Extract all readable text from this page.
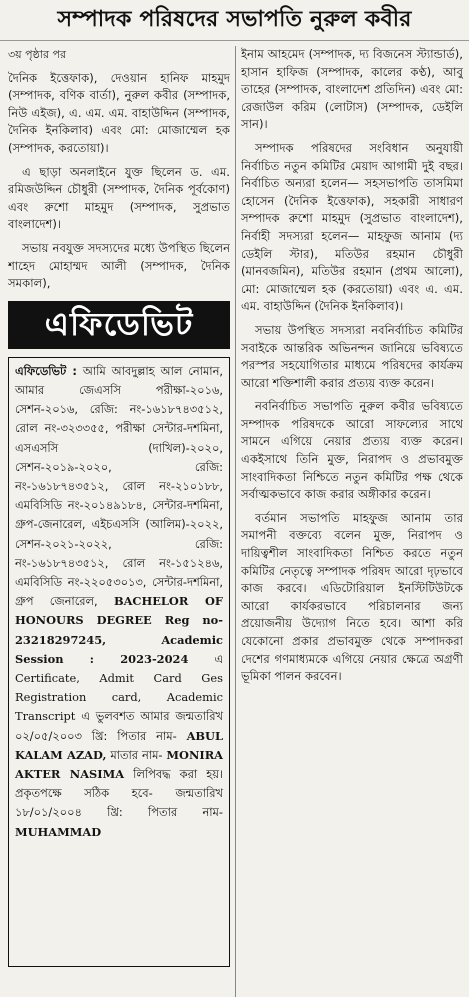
সম্পাদক পরিষদের সভাপতি নুরুল কবীর

৩য় পৃষ্ঠার পর

দৈনিক ইত্তেফাক), দেওয়ান হানিফ মাহমুদ (সম্পাদক, বণিক বার্তা), নুরুল কবীর (সম্পাদক, নিউ এইজ), এ. এম. এম. বাহাউদ্দিন (সম্পাদক, দৈনিক ইনকিলাব) এবং মো: মোজাম্মেল হক (সম্পাদক, করতোয়া)।

এ ছাড়া অনলাইনে যুক্ত ছিলেন ড. এম. রমিজউদ্দিন চৌধুরী (সম্পাদক, দৈনিক পূর্বকোণ) এবং রুশো মাহমুদ (সম্পাদক, সুপ্রভাত বাংলাদেশ)।

সভায় নবযুক্ত সদস্যদের মধ্যে উপস্থিত ছিলেন শাহেদ মোহাম্মদ আলী (সম্পাদক, দৈনিক সমকাল),

এফিডেভিট
এফিডেভিট : আমি আবদুল্লাহ আল নোমান, আমার জেএসসি পরীক্ষা-২০১৬, সেশন-২০১৬, রেজি: নং-১৬১৮৭৪৩৫১২, রোল নং-৩২৩৩৫৫, পরীক্ষা সেন্টার-দশমিনা, এসএসসি (দাখিল)-২০২০, সেশন-২০১৯-২০২০, রেজি: নং-১৬১৮৭৪৩৫১২, রোল নং-২১০১৮৮, এমবিসিডি নং-২০১৪৯১৮৪, সেন্টার-দশমিনা, গ্রুপ-জেনারেল, এইচএসসি (আলিম)-২০২২, সেশন-২০২১-২০২২, রেজি: নং-১৬১৮৭৪৩৫১২, রোল নং-১৫১২৪৬, এমবিসিডি নং-২২০৫৩০১৩, সেন্টার-দশমিনা, গ্রুপ জেনারেল, BACHELOR OF HONOURS DEGREE Reg no-23218297245, Academic Session : 2023-2024 এ Certificate, Admit Card Ges Registration card, Academic Transcript এ ভুলবশত আমার জন্মতারিখ ০২/০৫/২০০৩ খ্রি: পিতার নাম- ABUL KALAM AZAD, মাতার নাম- MONIRA AKTER NASIMA লিপিবদ্ধ করা হয়। প্রকৃতপক্ষে সঠিক হবে- জন্মতারিখ ১৮/০১/২০০৪ খ্রি: পিতার নাম- MUHAMMAD

ইনাম আহমেদ (সম্পাদক, দ্য বিজনেস স্ট্যান্ডার্ড), হাসান হাফিজ (সম্পাদক, কালের কণ্ঠ), আবু তাহের (সম্পাদক, বাংলাদেশ প্রতিদিন) এবং মো: রেজাউল করিম (লোটাস) (সম্পাদক, ডেইলি সান)।

সম্পাদক পরিষদের সংবিধান অনুযায়ী নির্বাচিত নতুন কমিটির মেয়াদ আগামী দুই বছর। নির্বাচিত অন্যরা হলেন— সহসভাপতি তাসমিমা হোসেন (দৈনিক ইত্তেফাক), সহকারী সাধারণ সম্পাদক রুশো মাহমুদ (সুপ্রভাত বাংলাদেশ), নির্বাহী সদস্যরা হলেন— মাহফুজ আনাম (দ্য ডেইলি স্টার), মতিউর রহমান চৌধুরী (মানবজমিন), মতিউর রহমান (প্রথম আলো), মো: মোজাম্মেল হক (করতোয়া) এবং এ. এম. এম. বাহাউদ্দিন (দৈনিক ইনকিলাব)।

সভায় উপস্থিত সদস্যরা নবনির্বাচিত কমিটির সবাইকে আন্তরিক অভিনন্দন জানিয়ে ভবিষ্যতে পরস্পর সহযোগিতার মাধ্যমে পরিষদের কার্যক্রম আরো শক্তিশালী করার প্রত্যয় ব্যক্ত করেন।

নবনির্বাচিত সভাপতি নুরুল কবীর ভবিষ্যতে সম্পাদক পরিষদকে আরো সাফল্যের সাথে সামনে এগিয়ে নেয়ার প্রত্যয় ব্যক্ত করেন। একইসাথে তিনি মুক্ত, নিরাপদ ও প্রভাবমুক্ত সাংবাদিকতা নিশ্চিতে নতুন কমিটির পক্ষ থেকে সর্বাত্মকভাবে কাজ করার অঙ্গীকার করেন।

বর্তমান সভাপতি মাহফুজ আনাম তার সমাপনী বক্তব্যে বলেন মুক্ত, নিরাপদ ও দায়িত্বশীল সাংবাদিকতা নিশ্চিত করতে নতুন কমিটির নেতৃত্বে সম্পাদক পরিষদ আরো দৃঢ়ভাবে কাজ করবে। এডিটোরিয়াল ইনস্টিটিউটকে আরো কার্যকরভাবে পরিচালনার জন্য প্রয়োজনীয় উদ্যোগ নিতে হবে। আশা করি যেকোনো প্রকার প্রভাবমুক্ত থেকে সম্পাদকরা দেশের গণমাধ্যমকে এগিয়ে নেয়ার ক্ষেত্রে অগ্রণী ভূমিকা পালন করবেন।
